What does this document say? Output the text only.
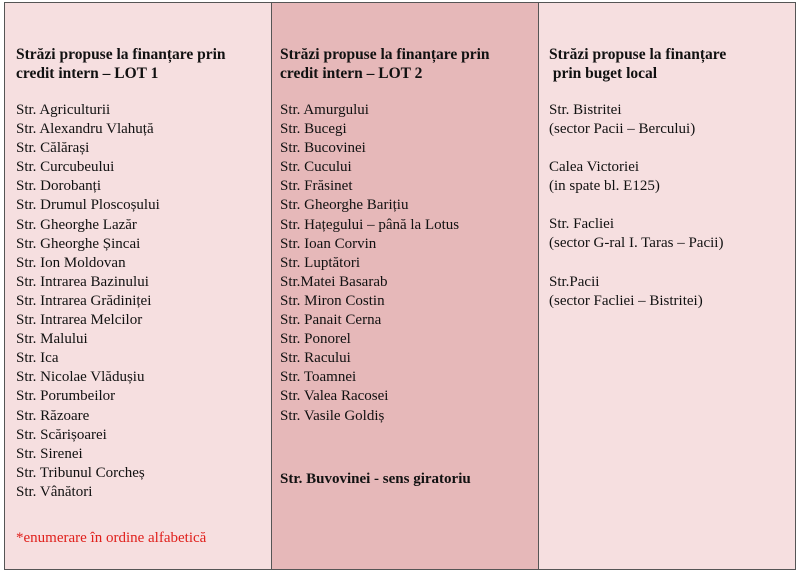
Străzi propuse la finanțare prin
credit intern – LOT 1
Str. Agriculturii
Str. Alexandru Vlahuță
Str. Călărași
Str. Curcubeului
Str. Dorobanți
Str. Drumul Ploscoșului
Str. Gheorghe Lazăr
Str. Gheorghe Șincai
Str. Ion Moldovan
Str. Intrarea Bazinului
Str. Intrarea Grădiniței
Str. Intrarea Melcilor
Str. Malului
Str. Ica
Str. Nicolae Vlădușiu
Str. Porumbeilor
Str. Răzoare
Str. Scărișoarei
Str. Sirenei
Str. Tribunul Corcheș
Str. Vânători
*enumerare în ordine alfabetică
Străzi propuse la finanțare prin
credit intern – LOT 2
Str. Amurgului
Str. Bucegi
Str. Bucovinei
Str. Cucului
Str. Frăsinet
Str. Gheorghe Barițiu
Str. Hațegului – până la Lotus
Str. Ioan Corvin
Str. Luptători
Str.Matei Basarab
Str. Miron Costin
Str. Panait Cerna
Str. Ponorel
Str. Racului
Str. Toamnei
Str. Valea Racosei
Str. Vasile Goldiș
Str. Buvovinei - sens giratoriu
Străzi propuse la finanțare
prin buget local
Str. Bistritei
(sector Pacii – Bercului)
Calea Victoriei
(in spate bl. E125)
Str. Facliei
(sector G-ral I. Taras – Pacii)
Str.Pacii
(sector Facliei – Bistritei)
